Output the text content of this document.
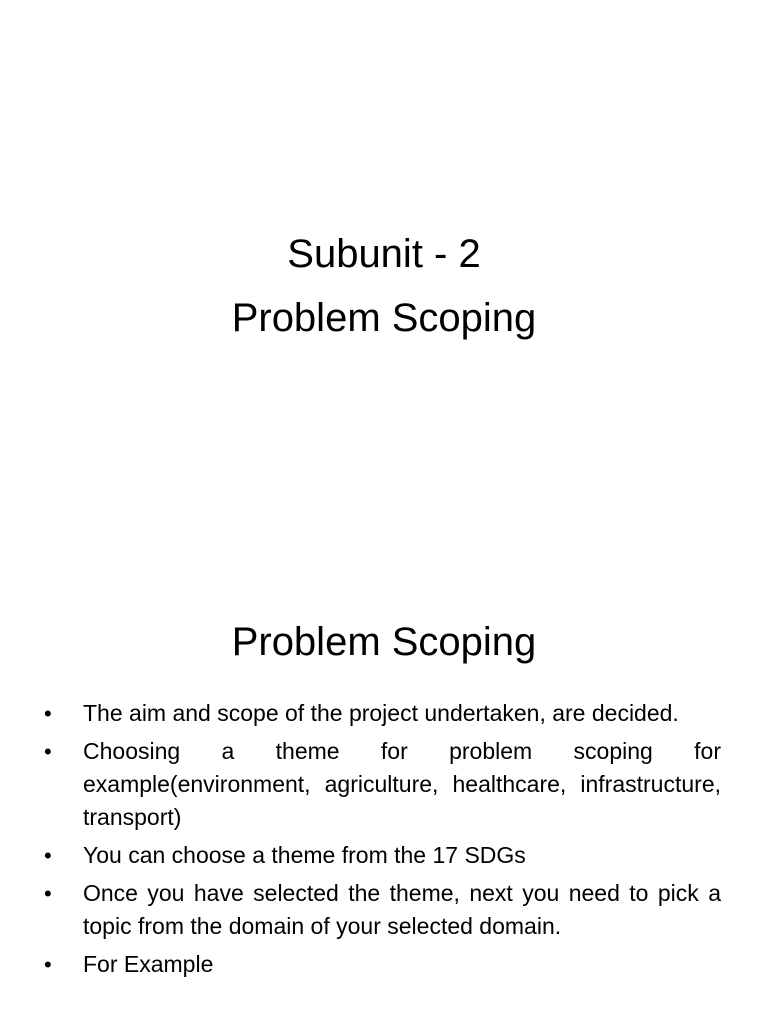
Subunit - 2
Problem Scoping
Problem Scoping
• The aim and scope of the project undertaken, are decided.
• Choosing a theme for problem scoping for example(environment, agriculture, healthcare, infrastructure, transport)
• You can choose a theme from the 17 SDGs
• Once you have selected the theme, next you need to pick a topic from the domain of your selected domain.
• For Example
